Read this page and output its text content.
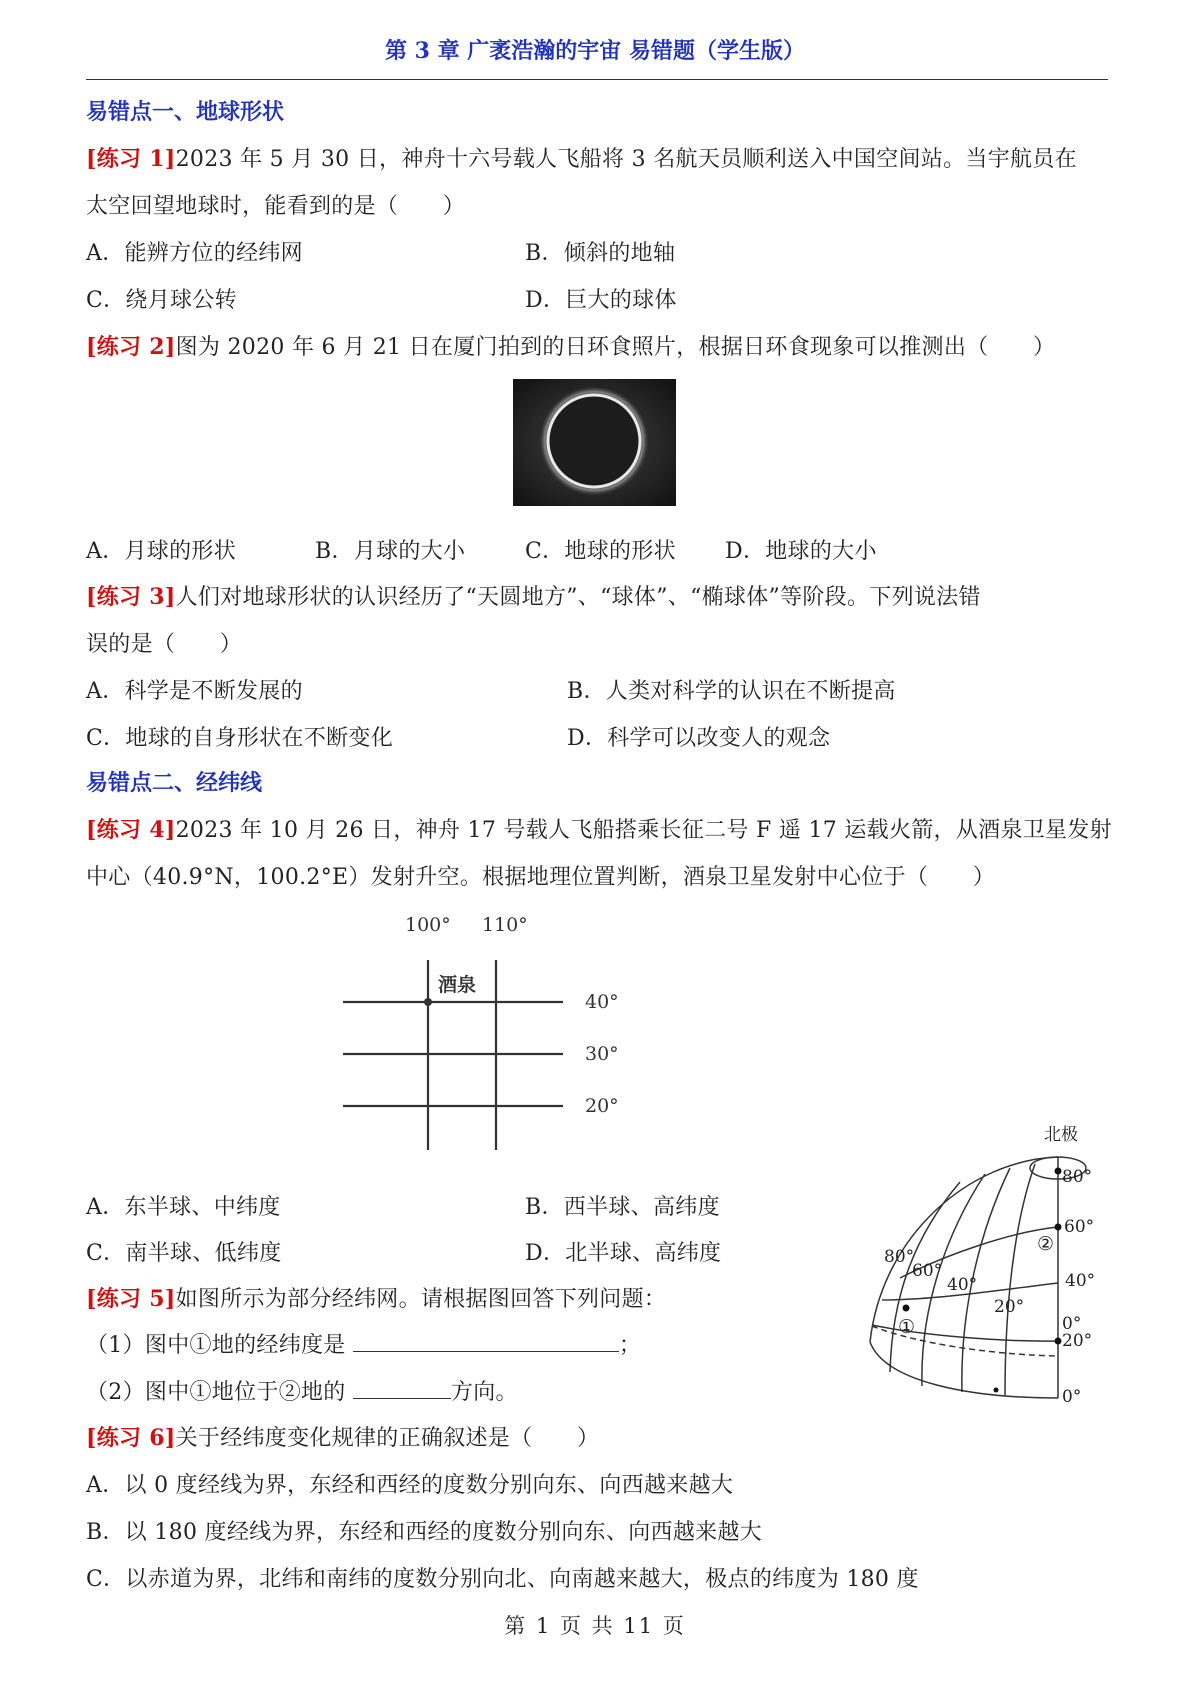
第 3 章 广袤浩瀚的宇宙 易错题（学生版）
易错点一、地球形状
[练习 1]2023 年 5 月 30 日，神舟十六号载人飞船将 3 名航天员顺利送入中国空间站。当宇航员在
太空回望地球时，能看到的是（　　）
A．能辨方位的经纬网	B．倾斜的地轴
C．绕月球公转	D．巨大的球体
[练习 2]图为 2020 年 6 月 21 日在厦门拍到的日环食照片，根据日环食现象可以推测出（　　）
A．月球的形状	B．月球的大小	C．地球的形状 D．地球的大小
[练习 3]人们对地球形状的认识经历了“天圆地方”、“球体”、“椭球体”等阶段。下列说法错
误的是（　　）
A．科学是不断发展的	B．人类对科学的认识在不断提高
C．地球的自身形状在不断变化	D．科学可以改变人的观念
易错点二、经纬线
[练习 4]2023 年 10 月 26 日，神舟 17 号载人飞船搭乘长征二号 F 遥 17 运载火箭，从酒泉卫星发射
中心（40.9°N，100.2°E）发射升空。根据地理位置判断，酒泉卫星发射中心位于（　　）
100° 110°
酒泉
40°
30°
20°
A．东半球、中纬度	B．西半球、高纬度
C．南半球、低纬度	D．北半球、高纬度
[练习 5]如图所示为部分经纬网。请根据图回答下列问题：
（1）图中①地的经纬度是	；
（2）图中①地位于②地的	方向。
北极
80°
60°
40°
0°
20°
0°
80°
60°
40°
20°
①
②
[练习 6]关于经纬度变化规律的正确叙述是（　　）
A．以 0 度经线为界，东经和西经的度数分别向东、向西越来越大
B．以 180 度经线为界，东经和西经的度数分别向东、向西越来越大
C．以赤道为界，北纬和南纬的度数分别向北、向南越来越大，极点的纬度为 180 度
第 1 页 共 11 页
